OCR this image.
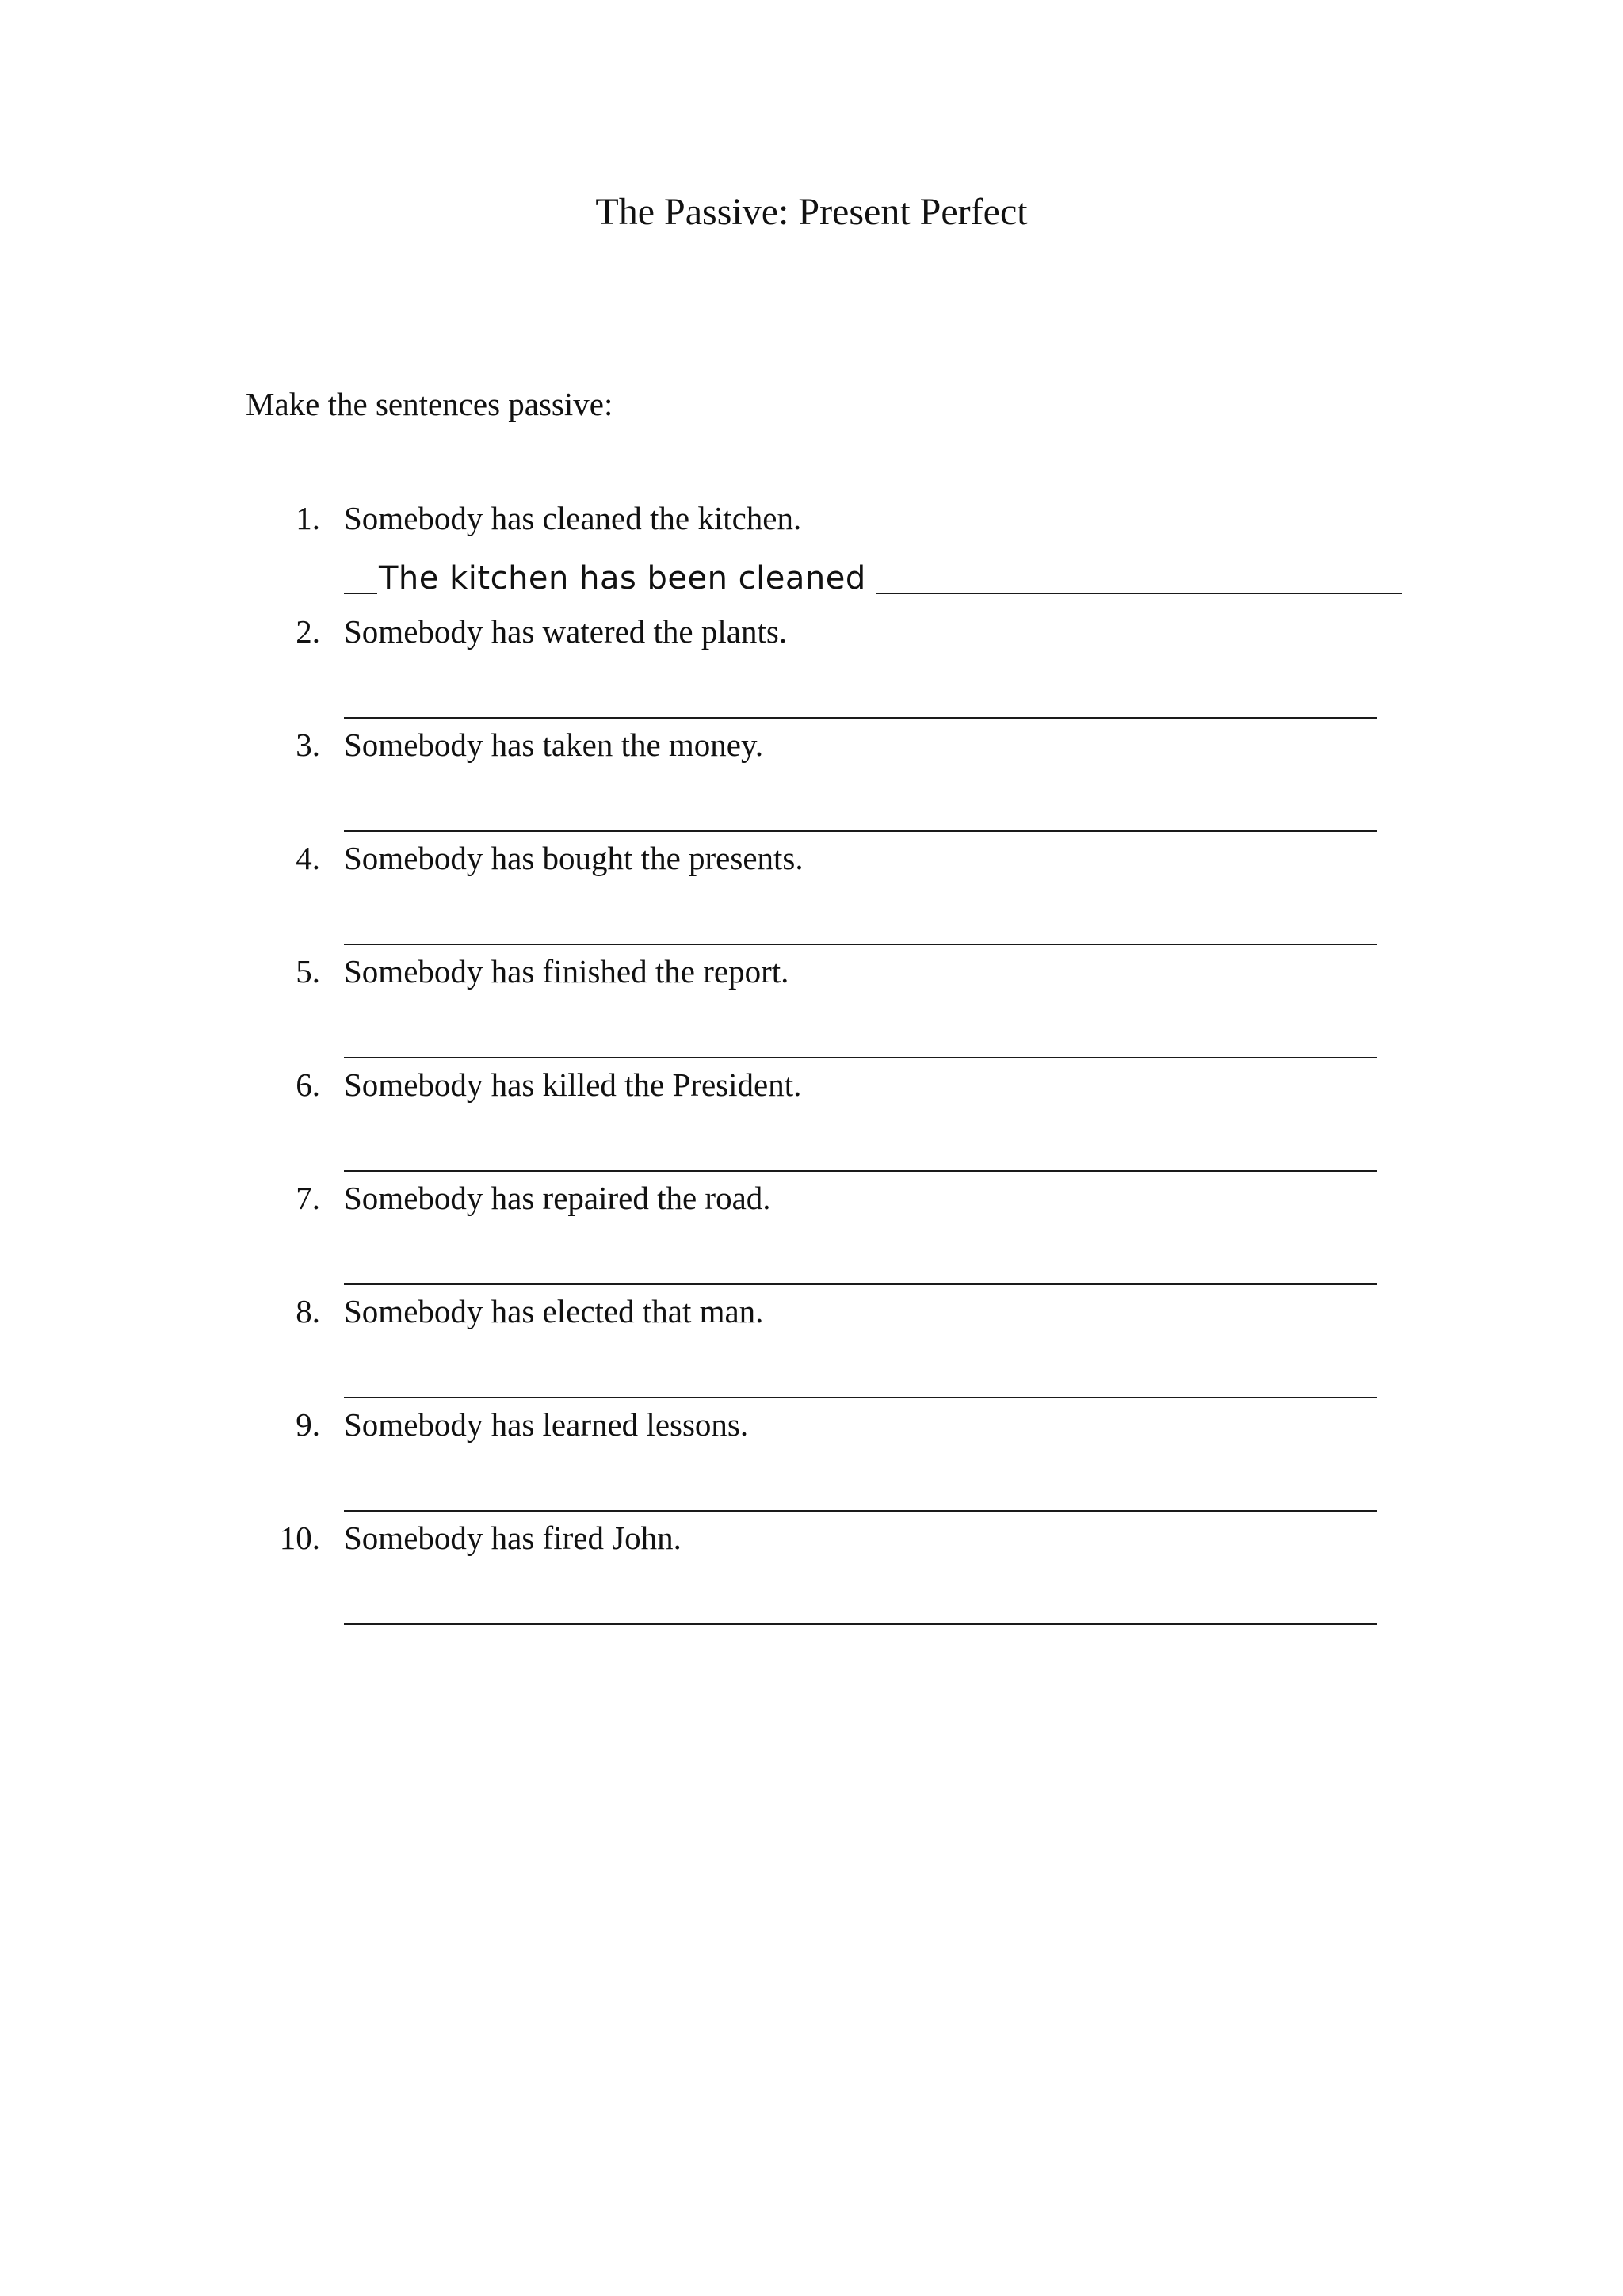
The Passive: Present Perfect
Make the sentences passive:
1. Somebody has cleaned the kitchen.
The kitchen has been cleaned
2. Somebody has watered the plants.
3. Somebody has taken the money.
4. Somebody has bought the presents.
5. Somebody has finished the report.
6. Somebody has killed the President.
7. Somebody has repaired the road.
8. Somebody has elected that man.
9. Somebody has learned lessons.
10. Somebody has fired John.
